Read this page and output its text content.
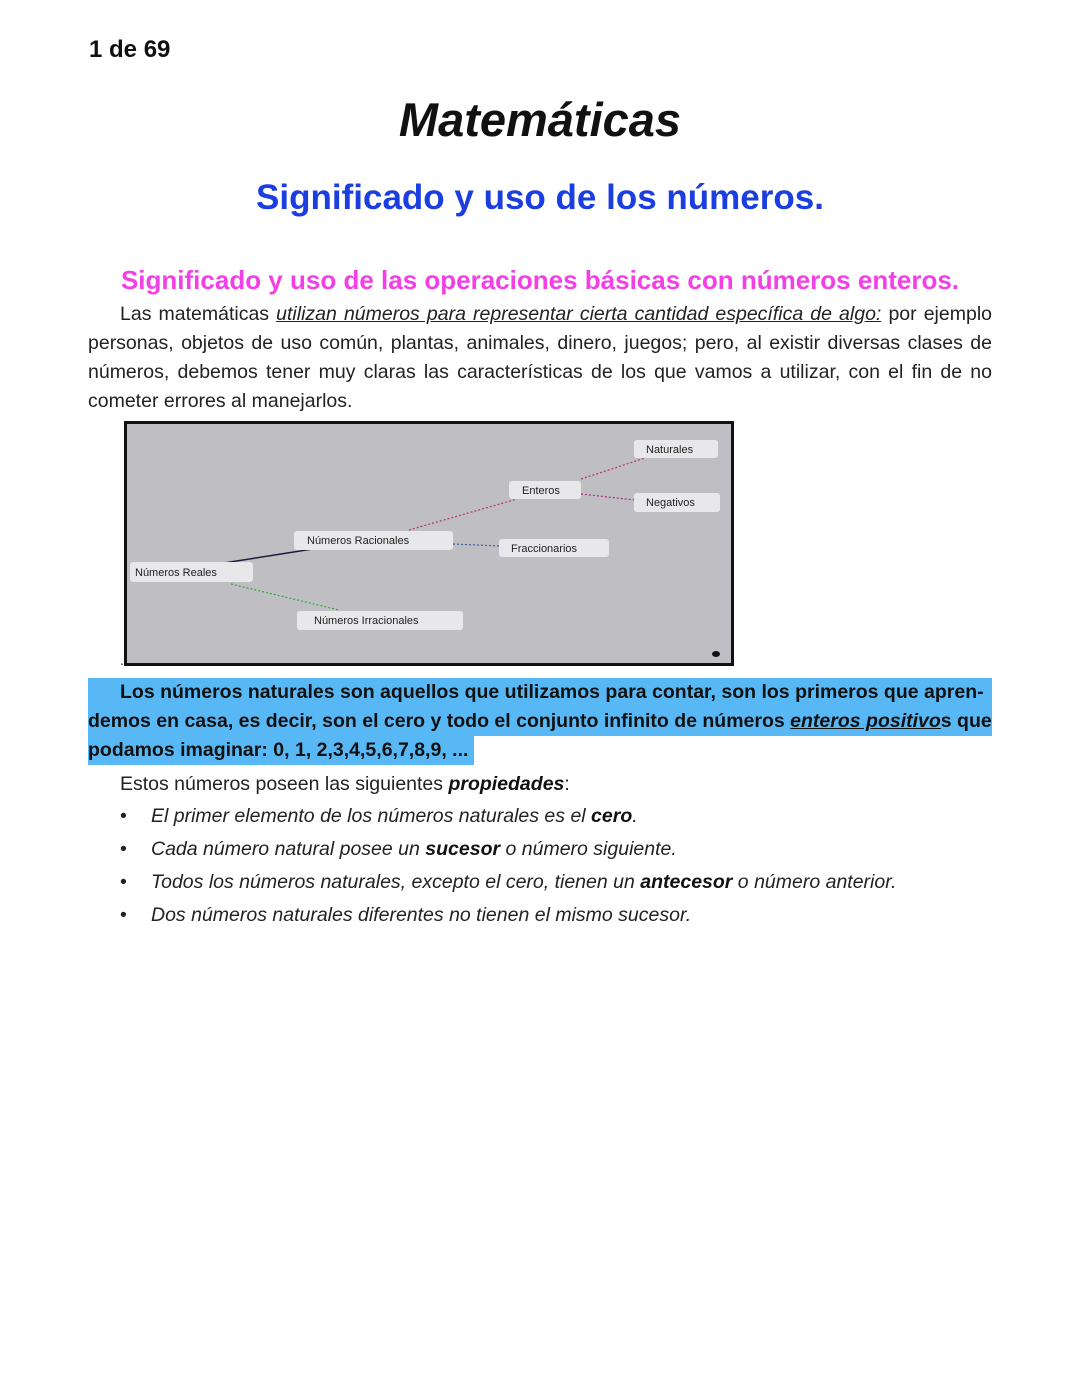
1 de 69
Matemáticas
Significado y uso de los números.
Significado y uso de las operaciones básicas con números enteros.
Las matemáticas utilizan números para representar cierta cantidad específica de algo: por ejemplo personas, objetos de uso común, plantas, animales, dinero, juegos; pero, al existir diversas clases de números, debemos tener muy claras las características de los que vamos a utilizar, con el fin de no cometer errores al manejarlos.
Números Reales
Números Racionales
Números Irracionales
Enteros
Fraccionarios
Naturales
Negativos
.
Los números naturales son aquellos que utilizamos para contar, son los primeros que apren-
demos en casa, es decir, son el cero y todo el conjunto infinito de números enteros positivos que
podamos imaginar: 0, 1, 2,3,4,5,6,7,8,9, ...
Estos números poseen las siguientes propiedades:
• El primer elemento de los números naturales es el cero.
• Cada número natural posee un sucesor o número siguiente.
• Todos los números naturales, excepto el cero, tienen un antecesor o número anterior.
• Dos números naturales diferentes no tienen el mismo sucesor.
